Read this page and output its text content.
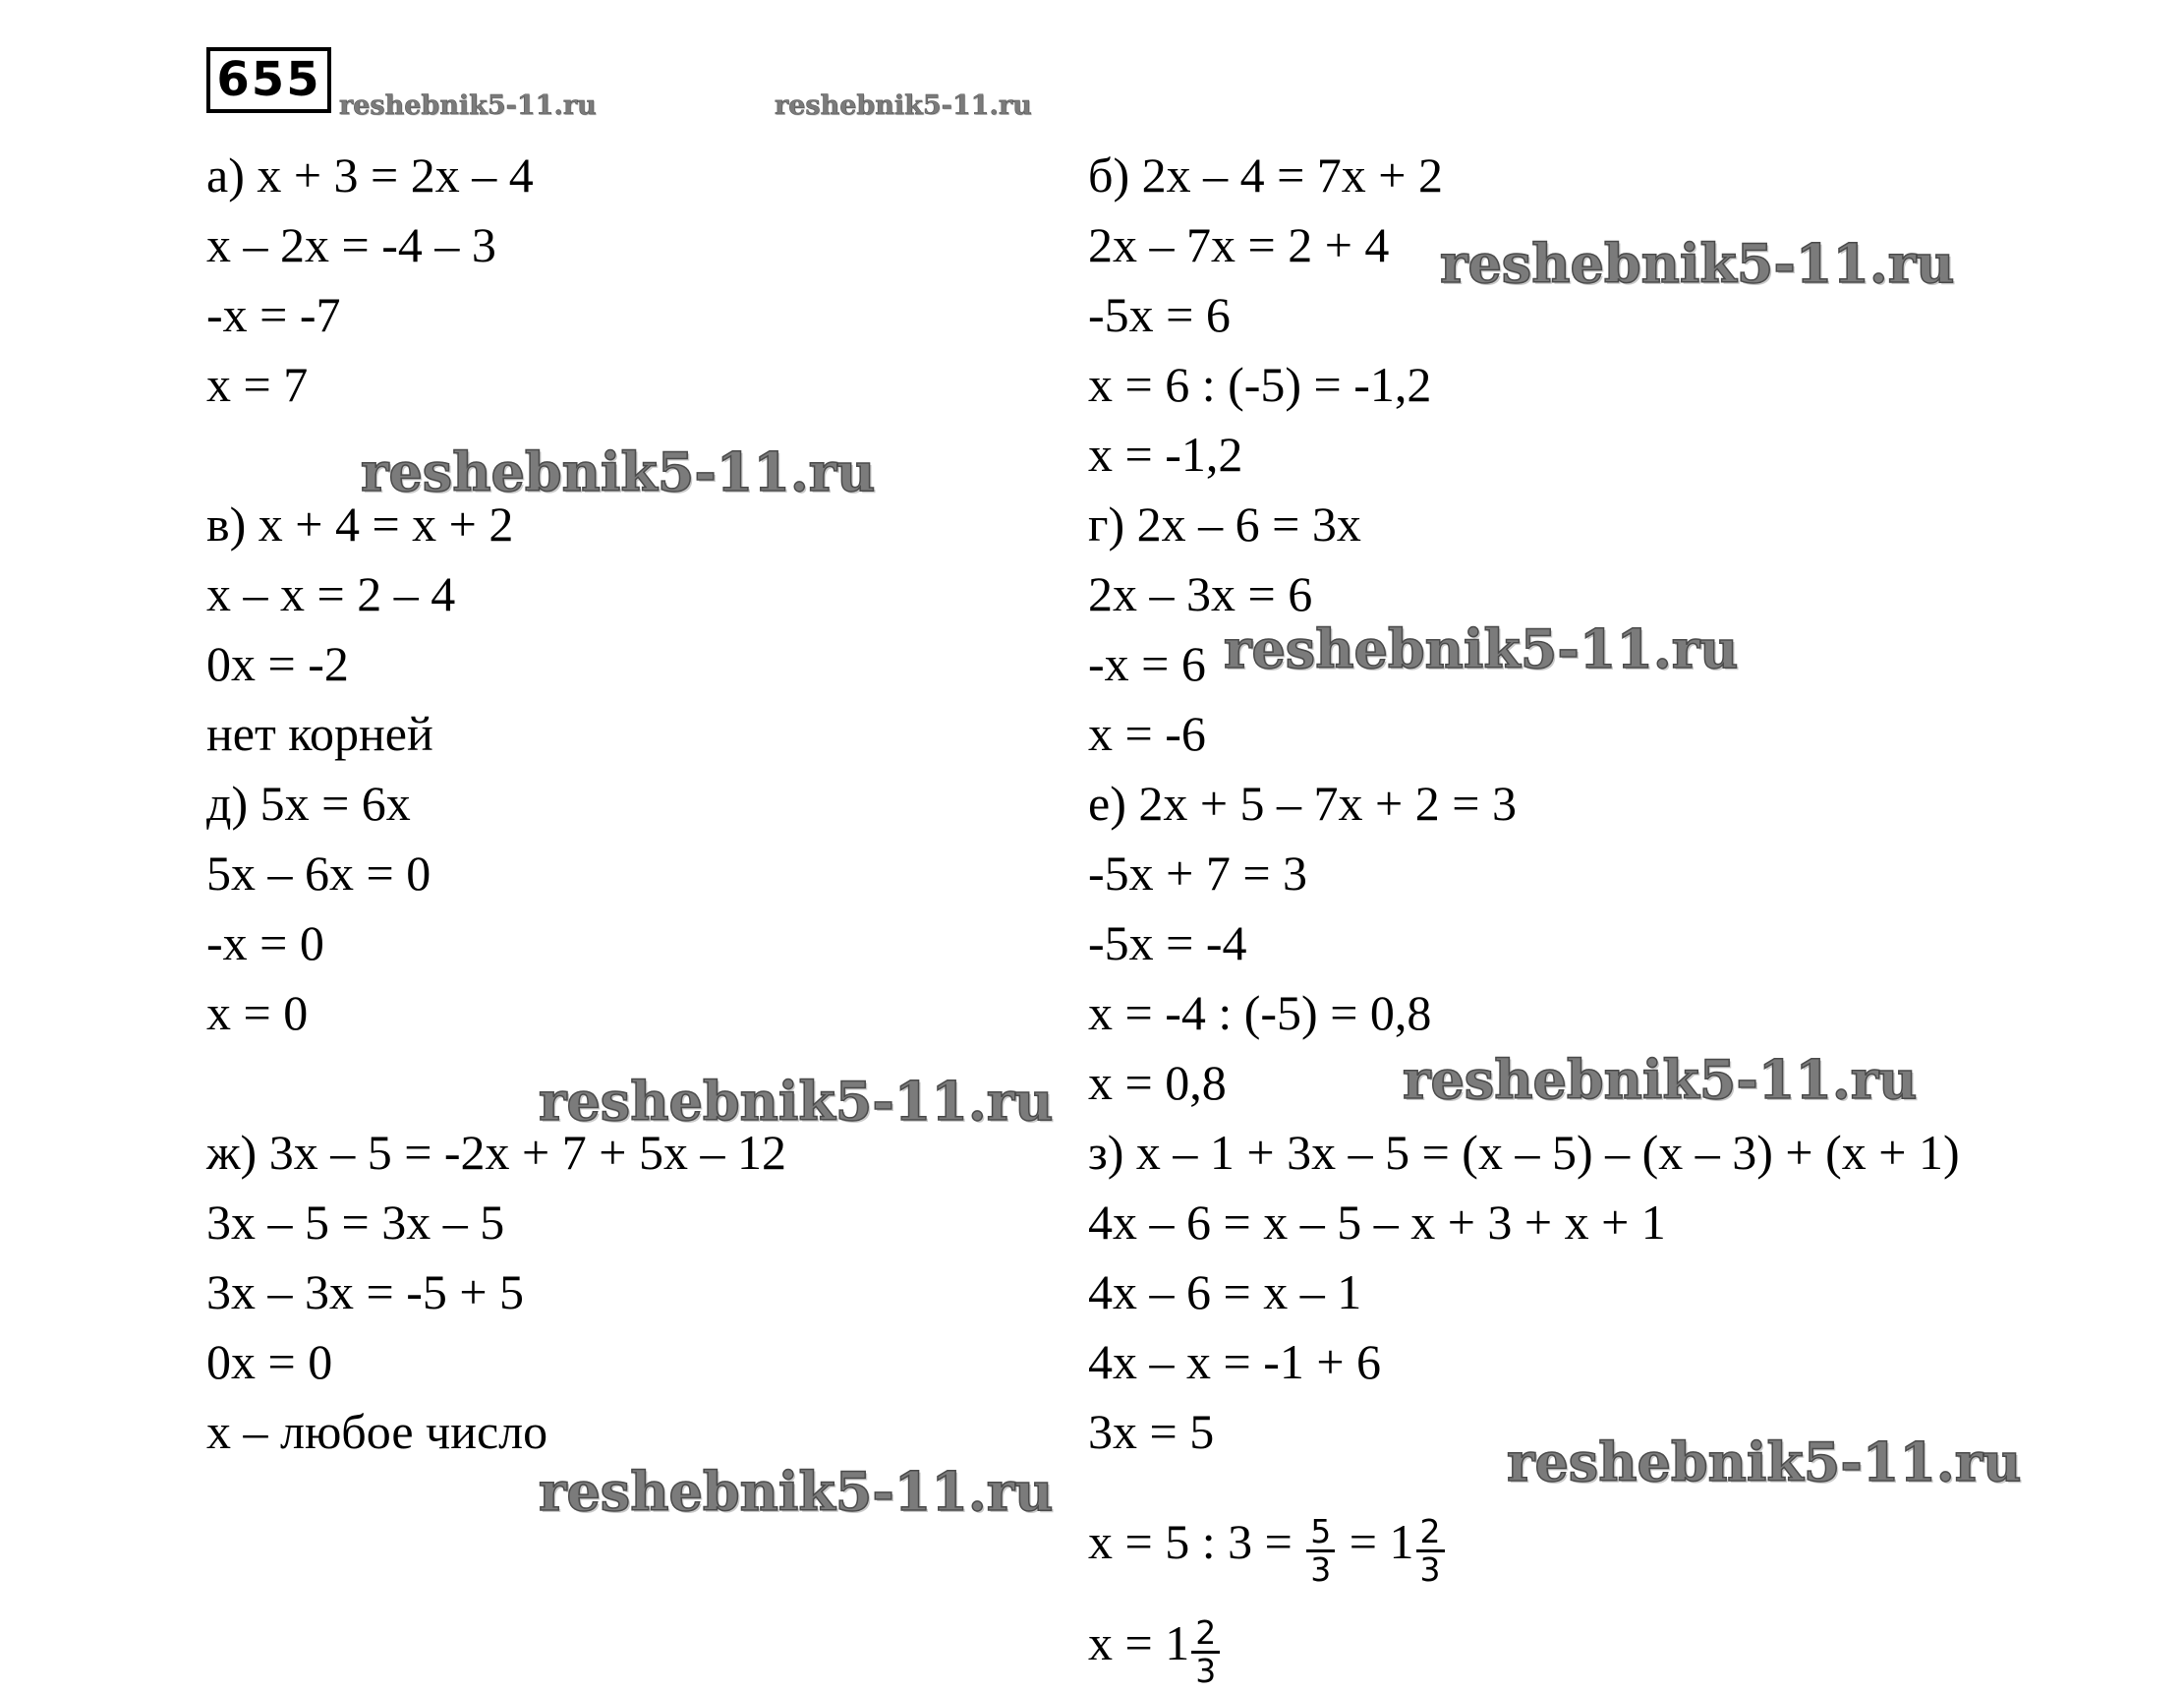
655
а) x + 3 = 2x – 4
x – 2x = -4 – 3
-x = -7
x = 7
в) x + 4 = x + 2
x – x = 2 – 4
0x = -2
нет корней
д) 5x = 6x
5x – 6x = 0
-x = 0
x = 0
ж) 3x – 5 = -2x + 7 + 5x – 12
3x – 5 = 3x – 5
3x – 3x = -5 + 5
0x = 0
x – любое число
б) 2x – 4 = 7x + 2
2x – 7x = 2 + 4
-5x = 6
x = 6 : (-5) = -1,2
x = -1,2
г) 2x – 6 = 3x
2x – 3x = 6
-x = 6
x = -6
е) 2x + 5 – 7x + 2 = 3
-5x + 7 = 3
-5x = -4
x = -4 : (-5) = 0,8
x = 0,8
з) x – 1 + 3x – 5 = (x – 5) – (x – 3) + (x + 1)
4x – 6 = x – 5 – x + 3 + x + 1
4x – 6 = x – 1
4x – x = -1 + 6
3x = 5
x = 5 : $3 = \frac{5}{3} = 1 \frac{2}{3}$
$x = 1 \frac{2}{3}$
reshebnik5-11.ru	reshebnik5-11.ru
reshebnik5-11.ru
reshebnik5-11.ru
reshebnik5-11.ru
reshebnik5-11.ru
reshebnik5-11.ru
reshebnik5-11.ru
reshebnik5-11.ru
